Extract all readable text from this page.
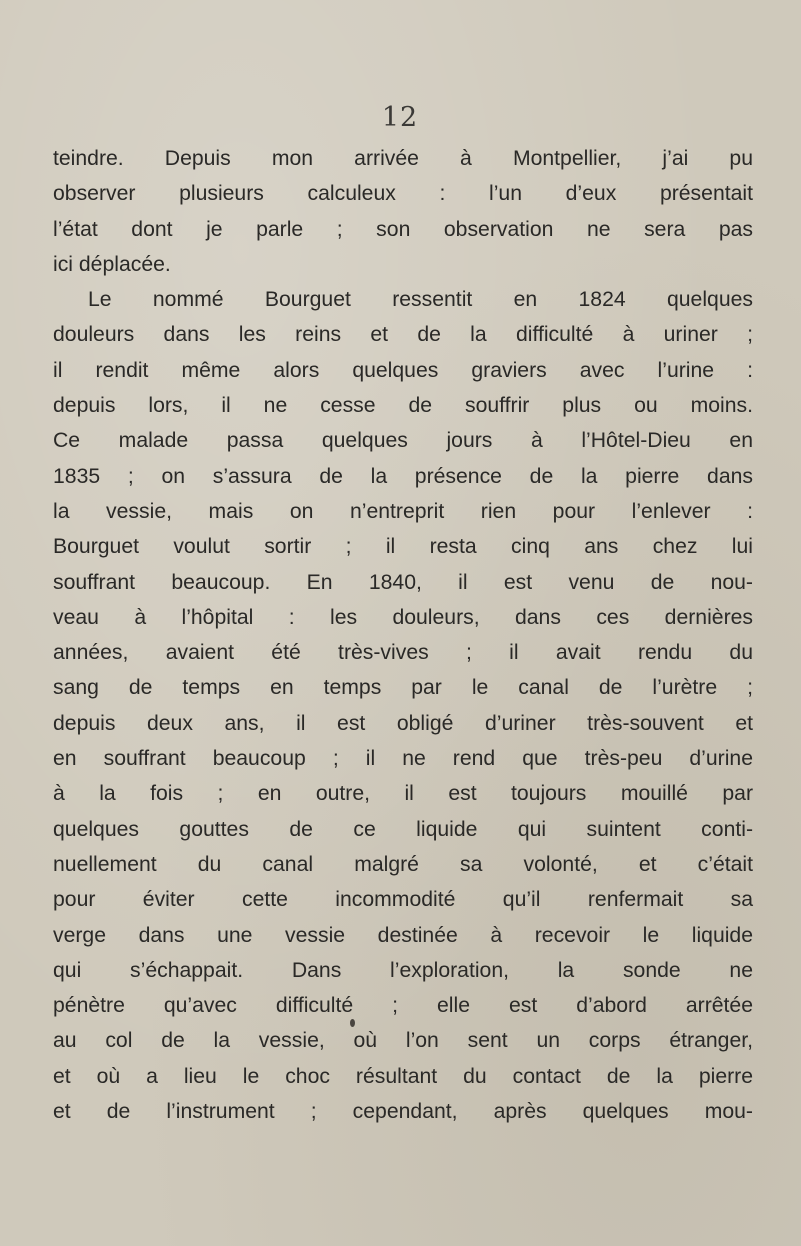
12
teindre. Depuis mon arrivée à Montpellier, j’ai pu
observer plusieurs calculeux : l’un d’eux présentait
l’état dont je parle ; son observation ne sera pas
ici déplacée.
Le nommé Bourguet ressentit en 1824 quelques
douleurs dans les reins et de la difficulté à uriner ;
il rendit même alors quelques graviers avec l’urine :
depuis lors, il ne cesse de souffrir plus ou moins.
Ce malade passa quelques jours à l’Hôtel-Dieu en
1835 ; on s’assura de la présence de la pierre dans
la vessie, mais on n’entreprit rien pour l’enlever :
Bourguet voulut sortir ; il resta cinq ans chez lui
souffrant beaucoup. En 1840, il est venu de nou-
veau à l’hôpital : les douleurs, dans ces dernières
années, avaient été très-vives ; il avait rendu du
sang de temps en temps par le canal de l’urètre ;
depuis deux ans, il est obligé d’uriner très-souvent et
en souffrant beaucoup ; il ne rend que très-peu d’urine
à la fois ; en outre, il est toujours mouillé par
quelques gouttes de ce liquide qui suintent conti-
nuellement du canal malgré sa volonté, et c’était
pour éviter cette incommodité qu’il renfermait sa
verge dans une vessie destinée à recevoir le liquide
qui s’échappait. Dans l’exploration, la sonde ne
pénètre qu’avec difficulté ; elle est d’abord arrêtée
au col de la vessie, où l’on sent un corps étranger,
et où a lieu le choc résultant du contact de la pierre
et de l’instrument ; cependant, après quelques mou-
